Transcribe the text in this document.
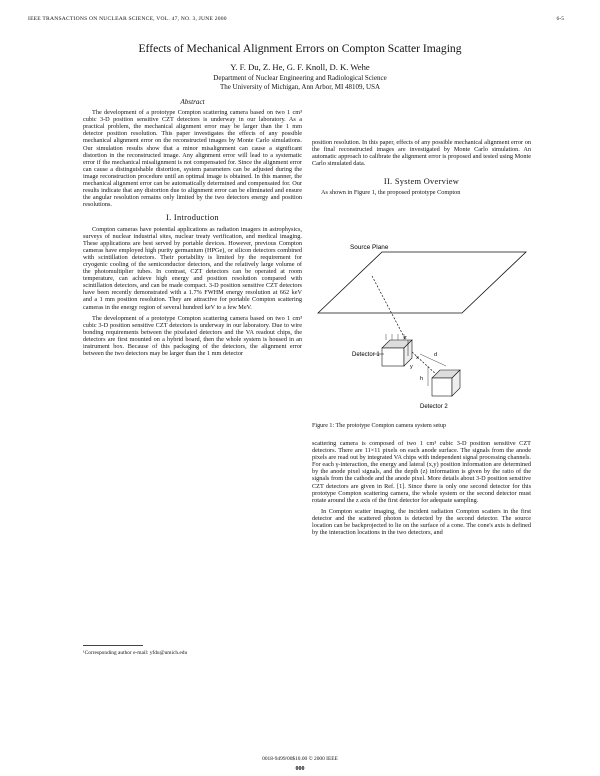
IEEE TRANSACTIONS ON NUCLEAR SCIENCE, VOL. 47, NO. 3, JUNE 2000	6-5
Effects of Mechanical Alignment Errors on Compton Scatter Imaging
Y. F. Du, Z. He, G. F. Knoll, D. K. Wehe
Department of Nuclear Engineering and Radiological Science
The University of Michigan, Ann Arbor, MI 48109, USA
Abstract

The development of a prototype Compton scattering camera based on two 1 cm³ cubic 3-D position sensitive CZT detectors is underway in our laboratory. As a practical problem, the mechanical alignment error may be larger than the 1 mm detector position resolution. This paper investigates the effects of any possible mechanical alignment error on the reconstructed images by Monte Carlo simulations. Our simulation results show that a minor misalignment can cause a significant distortion in the reconstructed image. Any alignment error will lead to a systematic error if the mechanical misalignment is not compensated for. Since the alignment error can cause a distinguishable distortion, system parameters can be adjusted during the image reconstruction procedure until an optimal image is obtained. In this manner, the mechanical alignment error can be automatically determined and compensated for. Our results indicate that any distortion due to alignment error can be eliminated and ensure the angular resolution remains only limited by the two detectors energy and position resolutions.

I. Introduction

Compton cameras have potential applications as radiation imagers in astrophysics, surveys of nuclear industrial sites, nuclear treaty verification, and medical imaging. These applications are best served by portable devices. However, previous Compton cameras have employed high purity germanium (HPGe), or silicon detectors combined with scintillation detectors. Their portability is limited by the requirement for cryogenic cooling of the semiconductor detectors, and the relatively large volume of the photomultiplier tubes. In contrast, CZT detectors can be operated at room temperature, can achieve high energy and position resolution compared with scintillation detectors, and can be made compact. 3-D position sensitive CZT detectors have been recently demonstrated with a 1.7% FWHM energy resolution at 662 keV and a 1 mm position resolution. They are attractive for portable Compton scattering cameras in the energy region of several hundred keV to a few MeV.

The development of a prototype Compton scattering camera based on two 1 cm³ cubic 3-D position sensitive CZT detectors is underway in our laboratory. Due to wire bonding requirements between the pixelated detectors and the VA readout chips, the detectors are first mounted on a hybrid board, then the whole system is housed in an instrument box. Because of this packaging of the detectors, the alignment error between the two detectors may be larger than the 1 mm detector

¹Corresponding author e-mail: yfdu@umich.edu

position resolution. In this paper, effects of any possible mechanical alignment error on the final reconstructed images are investigated by Monte Carlo simulation. An automatic approach to calibrate the alignment error is proposed and tested using Monte Carlo simulated data.

II. System Overview

As shown in Figure 1, the proposed prototype Compton

Source Plane
Detector 1
z
x
y
d
h
Detector 2
Figure 1: The prototype Compton camera system setup

scattering camera is composed of two 1 cm³ cubic 3-D position sensitive CZT detectors. There are 11×11 pixels on each anode surface. The signals from the anode pixels are read out by integrated VA chips with independent signal processing channels. For each γ-interaction, the energy and lateral (x,y) position information are determined by the anode pixel signals, and the depth (z) information is given by the ratio of the signals from the cathode and the anode pixel. More details about 3-D position sensitive CZT detectors are given in Ref. [1]. Since there is only one second detector for this prototype Compton scattering camera, the whole system or the second detector must rotate around the z axis of the first detector for adequate sampling.

In Compton scatter imaging, the incident radiation Compton scatters in the first detector and the scattered photon is detected by the second detector. The source location can be backprojected to lie on the surface of a cone. The cone's axis is defined by the interaction locations in the two detectors, and

0018-9499/00$10.00 © 2000 IEEE
000
